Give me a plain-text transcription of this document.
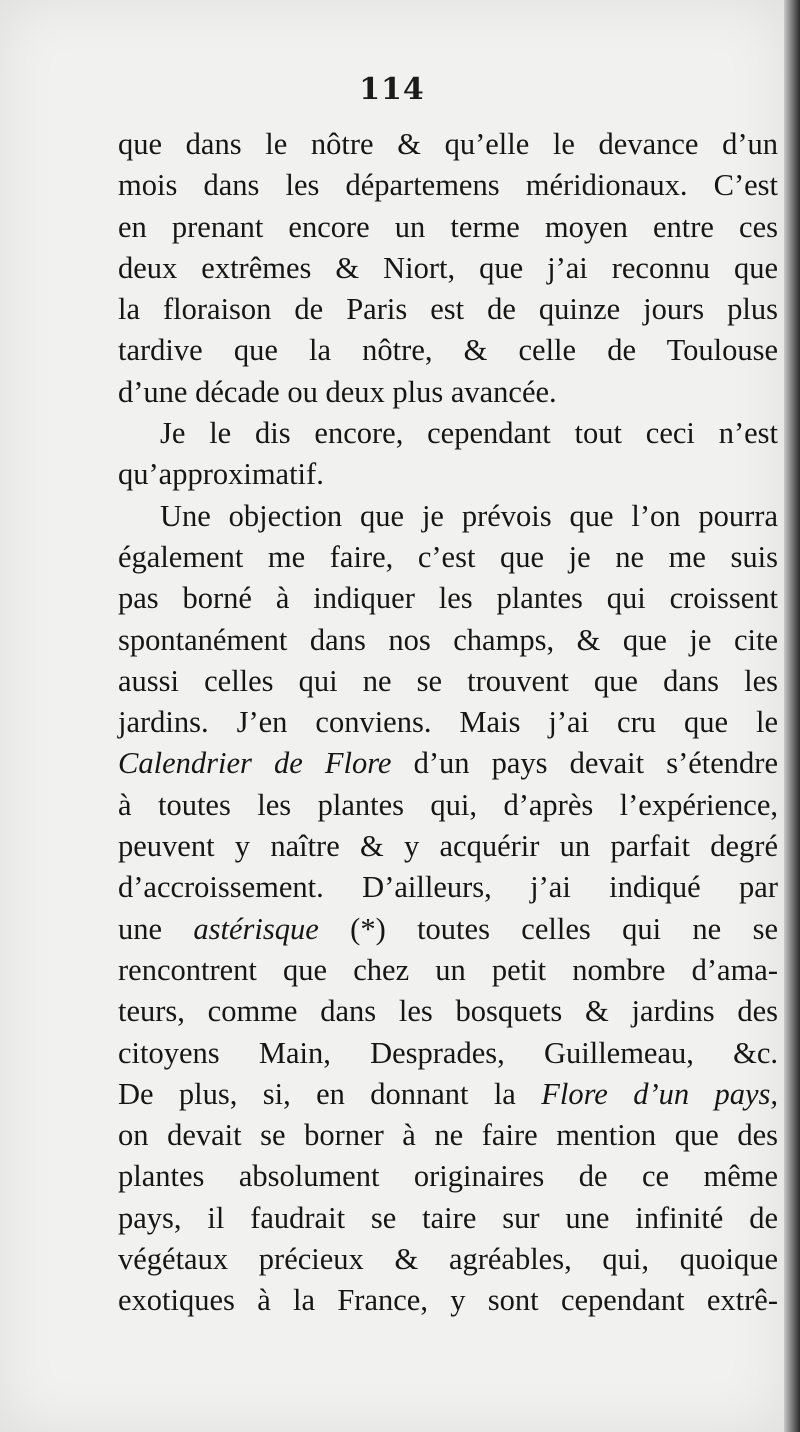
114
que dans le nôtre & qu’elle le devance d’un
mois dans les départemens méridionaux. C’est
en prenant encore un terme moyen entre ces
deux extrêmes & Niort, que j’ai reconnu que
la floraison de Paris est de quinze jours plus
tardive que la nôtre, & celle de Toulouse
d’une décade ou deux plus avancée.
Je le dis encore, cependant tout ceci n’est
qu’approximatif.
Une objection que je prévois que l’on pourra
également me faire, c’est que je ne me suis
pas borné à indiquer les plantes qui croissent
spontanément dans nos champs, & que je cite
aussi celles qui ne se trouvent que dans les
jardins. J’en conviens. Mais j’ai cru que le
Calendrier de Flore d’un pays devait s’étendre
à toutes les plantes qui, d’après l’expérience,
peuvent y naître & y acquérir un parfait degré
d’accroissement. D’ailleurs, j’ai indiqué par
une astérisque (*) toutes celles qui ne se
rencontrent que chez un petit nombre d’ama-
teurs, comme dans les bosquets & jardins des
citoyens Main, Desprades, Guillemeau, &c.
De plus, si, en donnant la Flore d’un pays,
on devait se borner à ne faire mention que des
plantes absolument originaires de ce même
pays, il faudrait se taire sur une infinité de
végétaux précieux & agréables, qui, quoique
exotiques à la France, y sont cependant extrê-
